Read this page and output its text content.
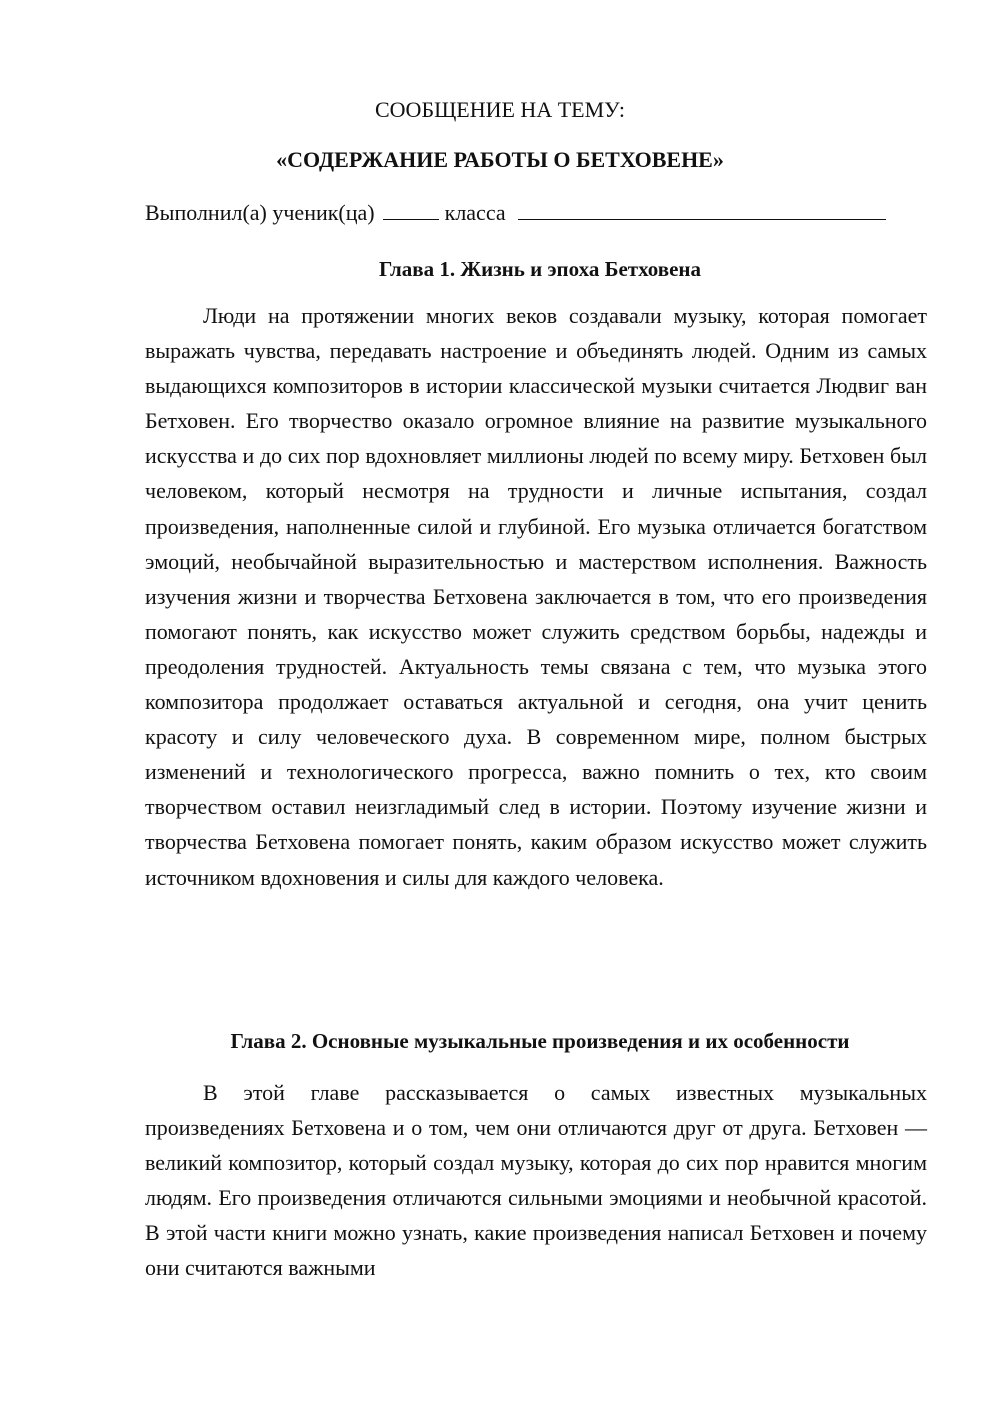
СООБЩЕНИЕ НА ТЕМУ:
«СОДЕРЖАНИЕ РАБОТЫ О БЕТХОВЕНЕ»
Выполнил(а) ученик(ца)	класса
Глава 1. Жизнь и эпоха Бетховена

Люди на протяжении многих веков создавали музыку, которая помогает выражать чувства, передавать настроение и объединять людей. Одним из самых выдающихся композиторов в истории классической музыки считается Людвиг ван Бетховен. Его творчество оказало огромное влияние на развитие музыкального искусства и до сих пор вдохновляет миллионы людей по всему миру. Бетховен был человеком, который несмотря на трудности и личные испытания, создал произведения, наполненные силой и глубиной. Его музыка отличается богатством эмоций, необычайной выразительностью и мастерством исполнения. Важность изучения жизни и творчества Бетховена заключается в том, что его произведения помогают понять, как искусство может служить средством борьбы, надежды и преодоления трудностей. Актуальность темы связана с тем, что музыка этого композитора продолжает оставаться актуальной и сегодня, она учит ценить красоту и силу человеческого духа. В современном мире, полном быстрых изменений и технологического прогресса, важно помнить о тех, кто своим творчеством оставил неизгладимый след в истории. Поэтому изучение жизни и творчества Бетховена помогает понять, каким образом искусство может служить источником вдохновения и силы для каждого человека.

Глава 2. Основные музыкальные произведения и их особенности

В этой главе рассказывается о самых известных музыкальных произведениях Бетховена и о том, чем они отличаются друг от друга. Бетховен — великий композитор, который создал музыку, которая до сих пор нравится многим людям. Его произведения отличаются сильными эмоциями и необычной красотой. В этой части книги можно узнать, какие произведения написал Бетховен и почему они считаются важными
